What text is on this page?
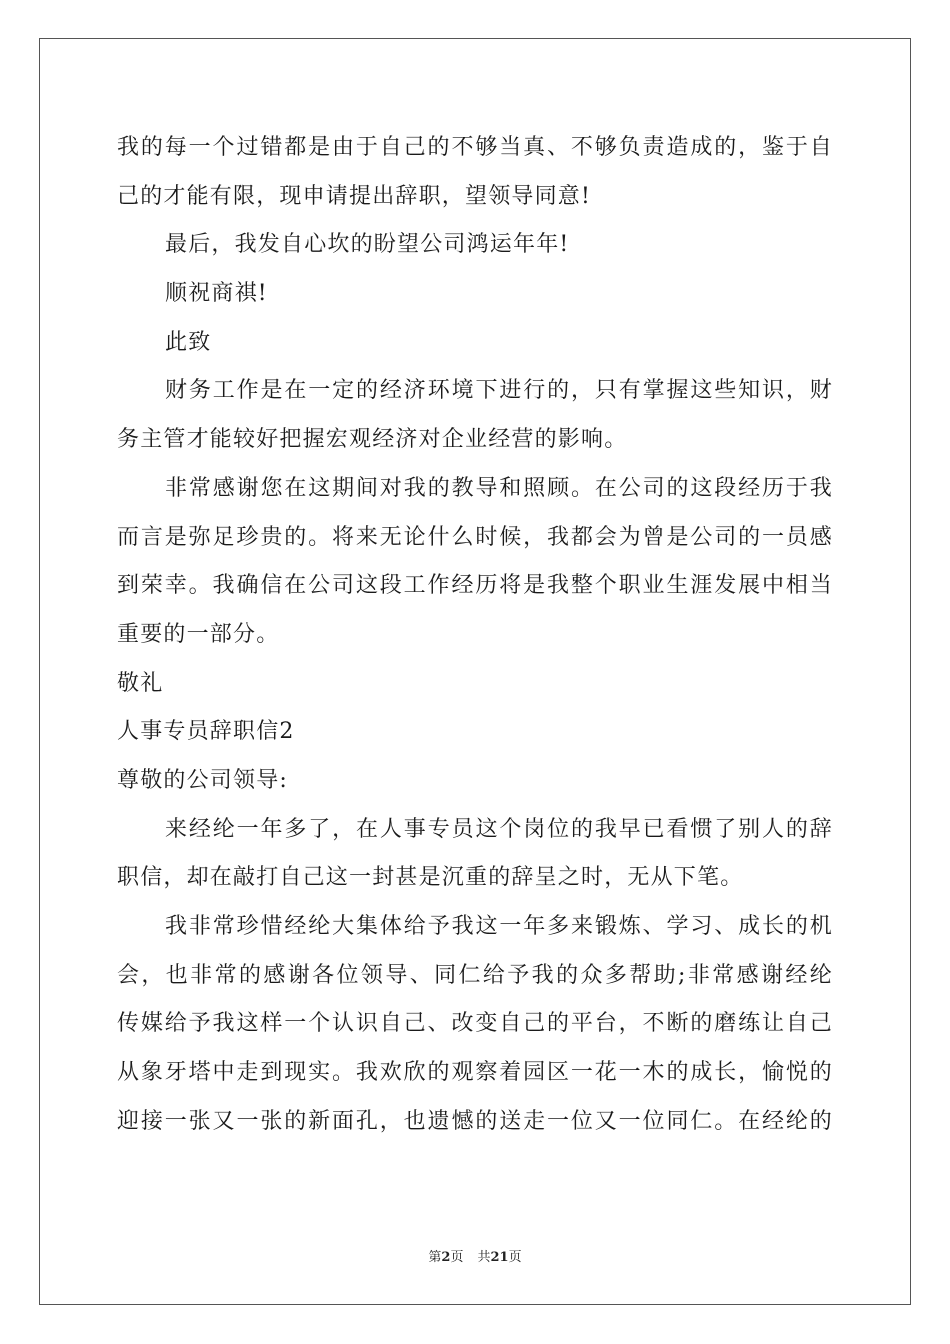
我的每一个过错都是由于自己的不够当真、不够负责造成的，鉴于自
己的才能有限，现申请提出辞职，望领导同意!
最后，我发自心坎的盼望公司鸿运年年!
顺祝商祺!
此致
财务工作是在一定的经济环境下进行的，只有掌握这些知识，财
务主管才能较好把握宏观经济对企业经营的影响。
非常感谢您在这期间对我的教导和照顾。在公司的这段经历于我
而言是弥足珍贵的。将来无论什么时候，我都会为曾是公司的一员感
到荣幸。我确信在公司这段工作经历将是我整个职业生涯发展中相当
重要的一部分。
敬礼
人事专员辞职信2
尊敬的公司领导:
来经纶一年多了，在人事专员这个岗位的我早已看惯了别人的辞
职信，却在敲打自己这一封甚是沉重的辞呈之时，无从下笔。
我非常珍惜经纶大集体给予我这一年多来锻炼、学习、成长的机
会，也非常的感谢各位领导、同仁给予我的众多帮助;非常感谢经纶
传媒给予我这样一个认识自己、改变自己的平台，不断的磨练让自己
从象牙塔中走到现实。我欢欣的观察着园区一花一木的成长，愉悦的
迎接一张又一张的新面孔，也遗憾的送走一位又一位同仁。在经纶的
第2页 共21页
